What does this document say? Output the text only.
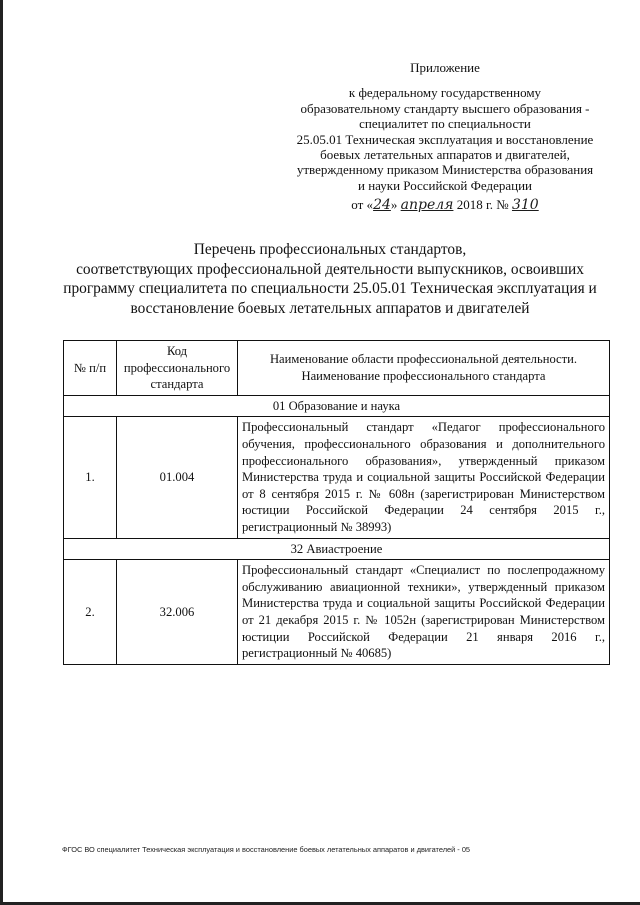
Приложение
к федеральному государственному
образовательному стандарту высшего образования -
специалитет по специальности
25.05.01 Техническая эксплуатация и восстановление
боевых летательных аппаратов и двигателей,
утвержденному приказом Министерства образования
и науки Российской Федерации
от «24» апреля 2018 г. № 310
Перечень профессиональных стандартов,
соответствующих профессиональной деятельности выпускников, освоивших
программу специалитета по специальности 25.05.01 Техническая эксплуатация и
восстановление боевых летательных аппаратов и двигателей
№ п/п	Код профессионального стандарта	Наименование области профессиональной деятельности. Наименование профессионального стандарта
01 Образование и наука		
1.	01.004	Профессиональный стандарт «Педагог профессионального обучения, профессионального образования и дополнительного профессионального образования», утвержденный приказом Министерства труда и социальной защиты Российской Федерации от 8 сентября 2015 г. № 608н (зарегистрирован Министерством юстиции Российской Федерации 24 сентября 2015 г., регистрационный № 38993)
32 Авиастроение		
2.	32.006	Профессиональный стандарт «Специалист по послепродажному обслуживанию авиационной техники», утвержденный приказом Министерства труда и социальной защиты Российской Федерации от 21 декабря 2015 г. № 1052н (зарегистрирован Министерством юстиции Российской Федерации 21 января 2016 г., регистрационный № 40685)
ФГОС ВО специалитет Техническая эксплуатация и восстановление боевых летательных аппаратов и двигателей - 05
